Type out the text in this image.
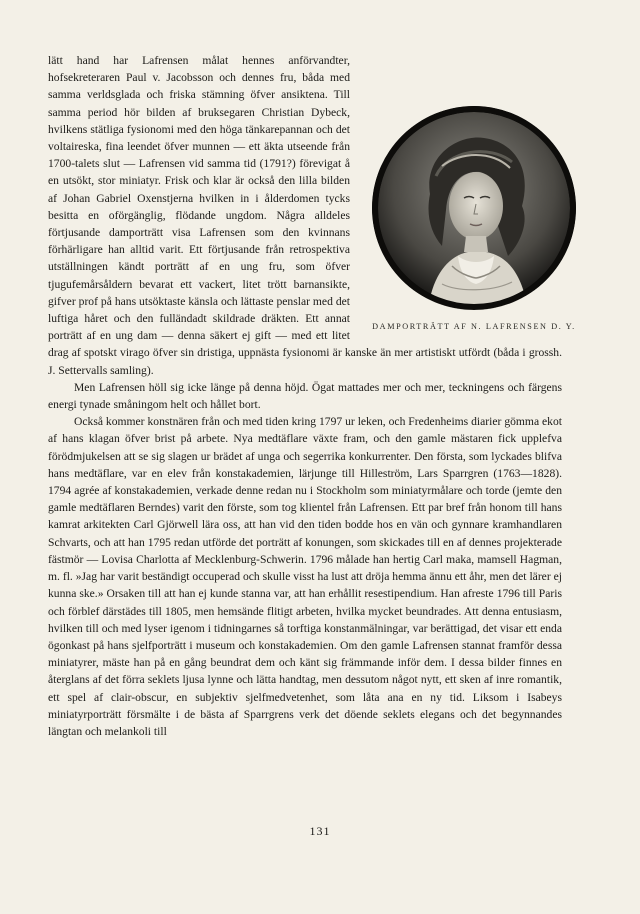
DAMPORTRÄTT AF N. LAFRENSEN D. Y.

lätt hand har Lafrensen målat hennes anförvandter, hofsekreteraren Paul v. Jacobsson och dennes fru, båda med samma verldsglada och friska stämning öfver ansiktena. Till samma period hör bilden af bruksegaren Christian Dybeck, hvilkens stätliga fysionomi med den höga tänkarepannan och det voltaireska, fina leendet öfver munnen — ett äkta utseende från 1700-talets slut — Lafrensen vid samma tid (1791?) förevigat å en utsökt, stor miniatyr. Frisk och klar är också den lilla bilden af Johan Gabriel Oxenstjerna hvilken in i ålderdomen tycks besitta en oförgänglig, flödande ungdom. Några alldeles förtjusande damporträtt visa Lafrensen som den kvinnans förhärligare han alltid varit. Ett förtjusande från retrospektiva utställningen kändt porträtt af en ung fru, som öfver tjugufemårsåldern bevarat ett vackert, litet trött barnansikte, gifver prof på hans utsöktaste känsla och lättaste penslar med det luftiga håret och den fulländadt skildrade dräkten. Ett annat porträtt af en ung dam — denna säkert ej gift — med ett litet drag af spotskt virago öfver sin dristiga, uppnästa fysionomi är kanske än mer artistiskt utfördt (båda i grossh. J. Settervalls samling).

Men Lafrensen höll sig icke länge på denna höjd. Ögat mattades mer och mer, teckningens och färgens energi tynade småningom helt och hållet bort.

Också kommer konstnären från och med tiden kring 1797 ur leken, och Fredenheims diarier gömma ekot af hans klagan öfver brist på arbete. Nya medtäflare växte fram, och den gamle mästaren fick upplefva förödmjukelsen att se sig slagen ur brädet af unga och segerrika konkurrenter. Den första, som lyckades blifva hans medtäflare, var en elev från konstakademien, lärjunge till Hilleström, Lars Sparrgren (1763—1828). 1794 agrée af konstakademien, verkade denne redan nu i Stockholm som miniatyrmålare och torde (jemte den gamle medtäflaren Berndes) varit den förste, som tog klientel från Lafrensen. Ett par bref från honom till hans kamrat arkitekten Carl Gjörwell lära oss, att han vid den tiden bodde hos en vän och gynnare kramhandlaren Schvarts, och att han 1795 redan utförde det porträtt af konungen, som skickades till en af dennes projekterade fästmör — Lovisa Charlotta af Mecklenburg-Schwerin. 1796 målade han hertig Carl maka, mamsell Hagman, m. fl. »Jag har varit beständigt occuperad och skulle visst ha lust att dröja hemma ännu ett åhr, men det lärer ej kunna ske.» Orsaken till att han ej kunde stanna var, att han erhållit resestipendium. Han afreste 1796 till Paris och förblef därstädes till 1805, men hemsände flitigt arbeten, hvilka mycket beundrades. Att denna entusiasm, hvilken till och med lyser igenom i tidningarnes så torftiga konstanmälningar, var berättigad, det visar ett enda ögonkast på hans sjelfporträtt i museum och konstakademien. Om den gamle Lafrensen stannat framför dessa miniatyrer, mäste han på en gång beundrat dem och känt sig främmande inför dem. I dessa bilder finnes en återglans af det förra seklets ljusa lynne och lätta handtag, men dessutom något nytt, ett sken af inre romantik, ett spel af clair-obscur, en subjektiv sjelfmedvetenhet, som låta ana en ny tid. Liksom i Isabeys miniatyrporträtt försmälte i de bästa af Sparrgrens verk det döende seklets elegans och det begynnandes längtan och melankoli till

131
